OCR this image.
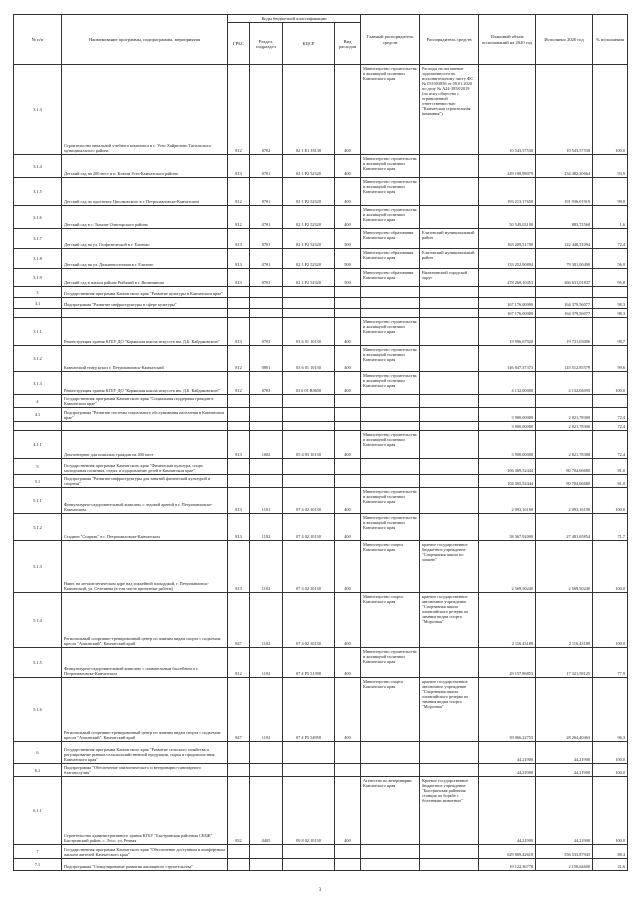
№ п/п	Наименование программы, подпрограммы, мероприятия	Коды бюджетной классификации				Главный распорядитель средств	Распорядитель средств	Плановый объем ассигнований на 2020 год	Исполнено 2020 год	% исполнения
		ГРБС	Раздел, подраздел	КЦСР	Вид расходов					
3.1.3	Строительство начальной учебного комплекса в с. Усть-Хайрюзово Тигильского муниципального района	812	0702	02 1 E1 18130	400	Министерство строительства и жилищной политики Камчатского края	Расходы на погашение задолженности по исполнительному листу ФС № 031003856 от 09.01.2020 по делу № А24-3858/2019 (по иску общества с ограниченной ответственностью "Камчатская строительная компания")	10 543,57530	10 543,57530	100,0
3.1.4	Детский сад на 200 мест в п. Ключи Усть-Камчатского района	813	0701	02 1 P2 52320	400	Министерство строительства и жилищной политики Камчатского края		249 188,98079	234 482,20664	93,9
3.1.5	Детский сад по проспекту Циолковского в г. Петропавловске-Камчатском	812	0701	02 1 P2 52320	400	Министерство строительства и жилищной политики Камчатского края		193 213,17650	191 936,01919	99,0
3.1.6	Детский сад в с. Тымлат Олюторского района	812	0701	02 1 P2 52320	400	Министерство строительства и жилищной политики Камчатского края		50 549,03100	883,72560	1,6
3.1.7	Детский сад на ул. Геофизической в г. Елизово	813	0701	02 1 P2 52320	500	Министерство образования Камчатского края	Елизовский муниципальный район	163 209,51700	122 448,31094	72,4
3.1.8	Детский сад на ул. Дальневосточная в г. Елизово	813	0701	02 1 P2 52320	500	Министерство образования Камчатского края	Елизовский муниципальный район	133 252,90894	79 381,00490	56,9
3.1.9	Детский сад в жилом районе Рыбачий в г. Вилючинске	813	0701	02 1 P2 52320	500	Министерство образования Камчатского края	Вилючинский городской округ	278 260,10453	266 631,01837	95,8
3	Государственная программа Камчатского края "Развитие культуры в Камчатском крае"									
3.1	Подпрограмма "Развитие инфраструктуры в сфере культуры"							167 176,00000	164 379,56077	98,3
								167 176,00000	164 379,56077	98,3
3.1.1	Реконструкция здания КГБУ ДО "Корякская школа искусств им. Д.Б. Кайдаковского"	813	0703	03 6 01 10130	400	Министерство строительства и жилищной политики Камчатского края		19 996,67920	19 731,03006	98,7
3.1.2	Камчатский театр кукол г. Петропавловск-Камчатский	812	0801	03 6 01 10130	400	Министерство строительства и жилищной политики Камчатского края		146 047,37373	145 512,85579	99,6
3.1.3	Реконструкция здания КГБУ ДО "Корякская школа искусств им. Д.Б. Кайдаковского"	812	0703	03 6 01 R0650	400	Министерство строительства и жилищной политики Камчатского края		4 132,00000	4 132,04095	100,0
4	Государственная программа Камчатского края "Социальная поддержка граждан в Камчатском крае"									
4.1	Подпрограмма "Развитие системы социального обслуживания населения в Камчатском крае"							3 900,00000	2 821,78300	72,4
								3 900,00000	2 821,78300	72,4
4.1.1	Дом-интернат для пожилых граждан на 400 мест	813	1002	05 4 03 10130	400	Министерство строительства и жилищной политики Камчатского края		3 900,00000	2 821,78300	72,4
5	Государственная программа Камчатского края "Физическая культура, спорт, молодежная политика, отдых и оздоровление детей в Камчатском крае"							106 369,52444	80 704,66680	81,0
5.1	Подпрограмма "Развитие инфраструктуры для занятий физической культурой и спортом"							104 365,52444	80 704,66680	81,0
5.1.1	Физкультурно-оздоровительный комплекс с ледовой ареной в г. Петропавловске-Камчатском	813	1101	07 4 02 10130	400	Министерство строительства и жилищной политики Камчатского края		2 093,16190	2 093,16190	100,0
5.1.2	Стадион "Спартак" в г. Петропавловске-Камчатском	813	1102	07 4 02 10130	400	Министерство строительства и жилищной политики Камчатского края		38 367,92000	27 481,65854	71,7
5.1.3	Навес на легкоатлетическом ядре над хоккейной площадкой, г. Петропавловск-Камчатский, ул. Селезнева (в том числе проектные работы)	813	1102	07 4 02 10130	400	Министерство спорта Камчатского края	краевое государственное бюджетное учреждение "Спортивная школа по хоккею"	2 569,50240	2 569,50240	100,0
5.1.4	Региональный спортивно-тренировочный центр по зимним видам спорта с подъемом кресла "Алкинский", Камчатский край	847	1102	07 4 02 10130	400	Министерство спорта Камчатского края	краевое государственное автономное учреждение "Спортивная школа олимпийского резерва по зимним видам спорта "Морозная"	2 116,43188	2 116,43188	100,0
5.1.5	Физкультурно-оздоровительный комплекс с плавательным бассейном в г. Петропавловске-Камчатском	812	1102	07 4 P5 51390	400	Министерство строительства и жилищной политики Камчатского края		29 157,86853	17 321,58125	77,9
5.1.6	Региональный спортивно-тренировочный центр по зимним видам спорта с подъемом кресла "Алкинский", Камчатский край	847	1102	07 4 P5 54950	400	Министерство спорта Камчатского края	краевое государственное автономное учреждение "Спортивная школа олимпийского резерва по зимним видам спорта "Морозная"	39 066,22753	28 264,40463	96,3
6	Государственная программа Камчатского края "Развитие сельского хозяйства и регулирование рынков сельскохозяйственной продукции, сырья и продовольствия Камчатского края"							44,21900	44,21900	100,0
6.1	Подпрограмма "Обеспечение эпизоотического и ветеринарно-санитарного благополучия"							44,21900	44,21900	100,0
6.1.1	Строительство административного здания КГБУ "Быстринская районная СББЖ" Быстринский район, с. Эссо, ул. Речная	832	0405	09 8 02 10130	400	Агентство по ветеринарии Камчатского края	Краевое государственное бюджетное учреждение "Быстринская районная станция по борьбе с болезнями животных"	44,21900	44,21900	100,0
7	Государственная программа Камчатского края "Обеспечение доступным и комфортным жильем жителей Камчатского края"							629 809,42618	556 533,87943	88,4
7.1	Подпрограмма "Стимулирование развития жилищного строительства"							10 122,36778	2 158,64600	21,6
3
